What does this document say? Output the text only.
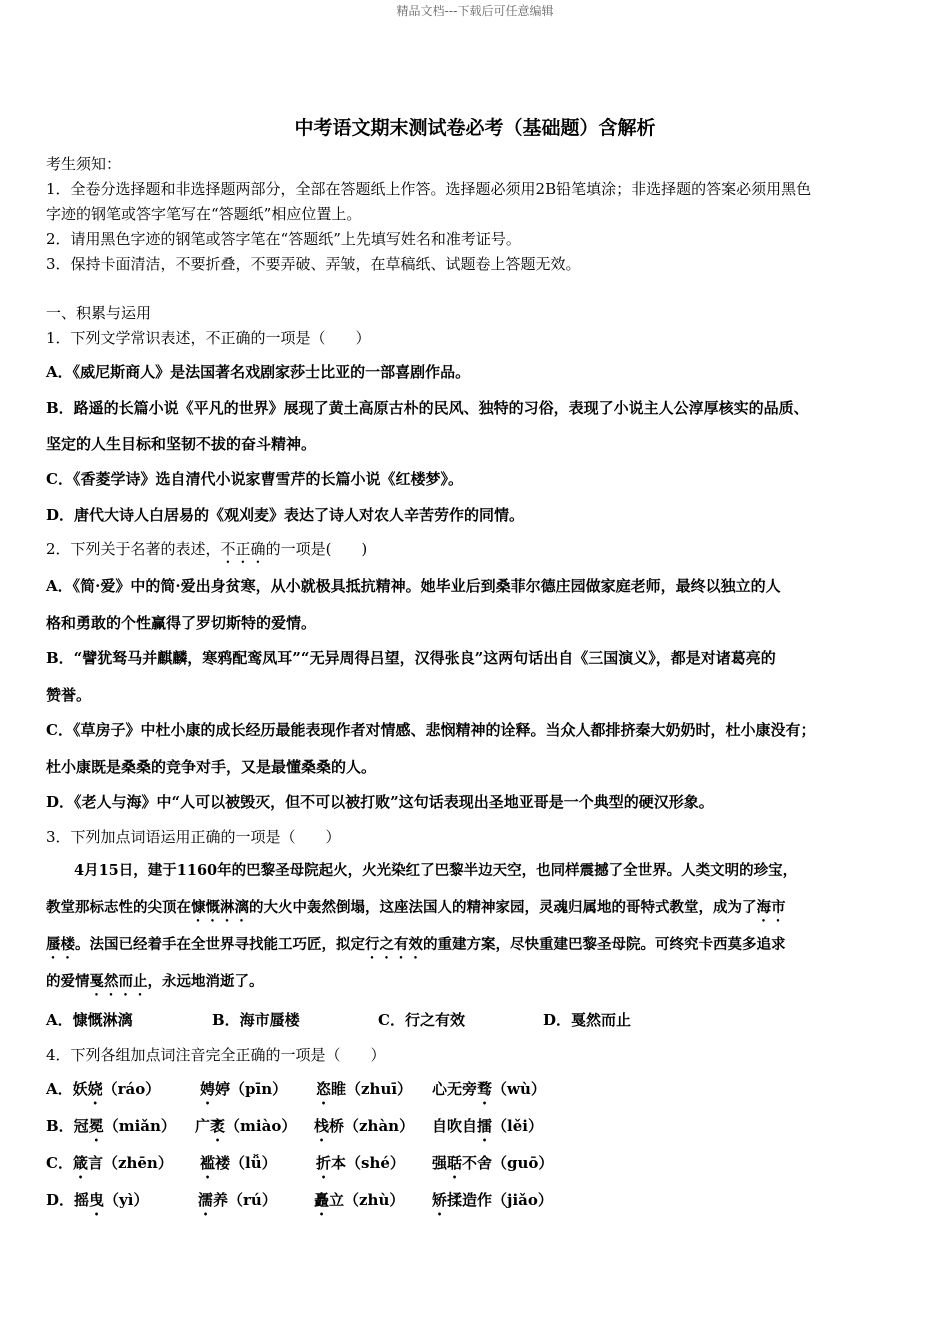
精品文档---下载后可任意编辑
中考语文期末测试卷必考（基础题）含解析
考生须知：
1．全卷分选择题和非选择题两部分，全部在答题纸上作答。选择题必须用2B铅笔填涂；非选择题的答案必须用黑色
字迹的钢笔或答字笔写在“答题纸”相应位置上。
2．请用黑色字迹的钢笔或答字笔在“答题纸”上先填写姓名和准考证号。
3．保持卡面清洁，不要折叠，不要弄破、弄皱，在草稿纸、试题卷上答题无效。
一、积累与运用
1．下列文学常识表述，不正确的一项是（　　）
A．《威尼斯商人》是法国著名戏剧家莎士比亚的一部喜剧作品。
B．路遥的长篇小说《平凡的世界》展现了黄土高原古朴的民风、独特的习俗，表现了小说主人公淳厚核实的品质、
坚定的人生目标和坚韧不拔的奋斗精神。
C．《香菱学诗》选自清代小说家曹雪芹的长篇小说《红楼梦》。
D．唐代大诗人白居易的《观刈麦》表达了诗人对农人辛苦劳作的同情。
2．下列关于名著的表述，不正确的一项是(　　)
A．《简·爱》中的简·爱出身贫寒，从小就极具抵抗精神。她毕业后到桑菲尔德庄园做家庭老师，最终以独立的人
格和勇敢的个性赢得了罗切斯特的爱情。
B．“譬犹驽马并麒麟，寒鸦配鸾凤耳”“无异周得吕望，汉得张良”这两句话出自《三国演义》，都是对诸葛亮的
赞誉。
C．《草房子》中杜小康的成长经历最能表现作者对情感、悲悯精神的诠释。当众人都排挤秦大奶奶时，杜小康没有；
杜小康既是桑桑的竞争对手，又是最懂桑桑的人。
D．《老人与海》中“人可以被毁灭，但不可以被打败”这句话表现出圣地亚哥是一个典型的硬汉形象。
3．下列加点词语运用正确的一项是（　　）
4月15日，建于1160年的巴黎圣母院起火，火光染红了巴黎半边天空，也同样震撼了全世界。人类文明的珍宝，
教堂那标志性的尖顶在慷慨淋漓的大火中轰然倒塌，这座法国人的精神家园，灵魂归属地的哥特式教堂，成为了海市
蜃楼。法国已经着手在全世界寻找能工巧匠，拟定行之有效的重建方案，尽快重建巴黎圣母院。可终究卡西莫多追求
的爱情戛然而止，永远地消逝了。
A．慷慨淋漓	B．海市蜃楼	C．行之有效	D．戛然而止
4．下列各组加点词注音完全正确的一项是（　　）
A．妖娆（ráo）	娉婷（pīn） 恣睢（zhuī） 心无旁骛（wù）
B．冠冕（miǎn） 广袤（miào） 栈桥（zhàn） 自吹自擂（lěi）
C．箴言（zhēn） 褴褛（lǚ）	折本（shé） 强聒不舍（guō）
D．摇曳（yì）	濡养（rú） 矗立（zhù） 矫揉造作（jiǎo）
